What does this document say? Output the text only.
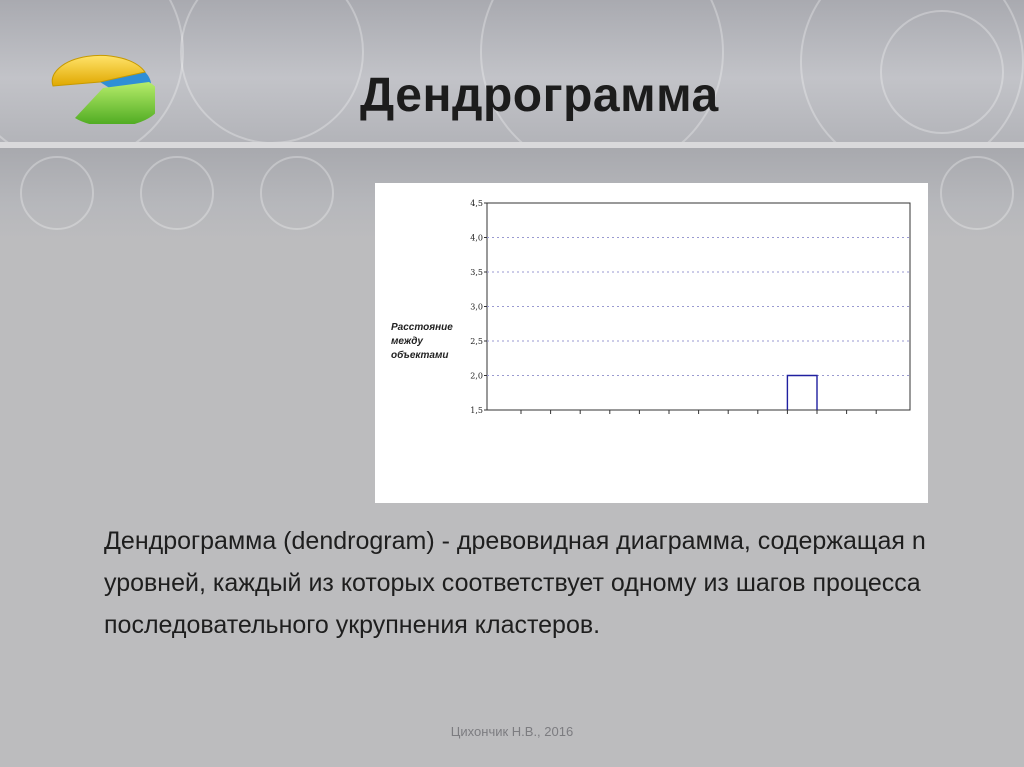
Дендрограмма
1,5
2,0
2,5
3,0
3,5
4,0
4,5
Расстояние между объектами

Дендрограмма (dendrogram) - древовидная диаграмма, содержащая n уровней, каждый из которых соответствует одному из шагов процесса последовательного укрупнения кластеров.

Цихончик Н.В., 2016
